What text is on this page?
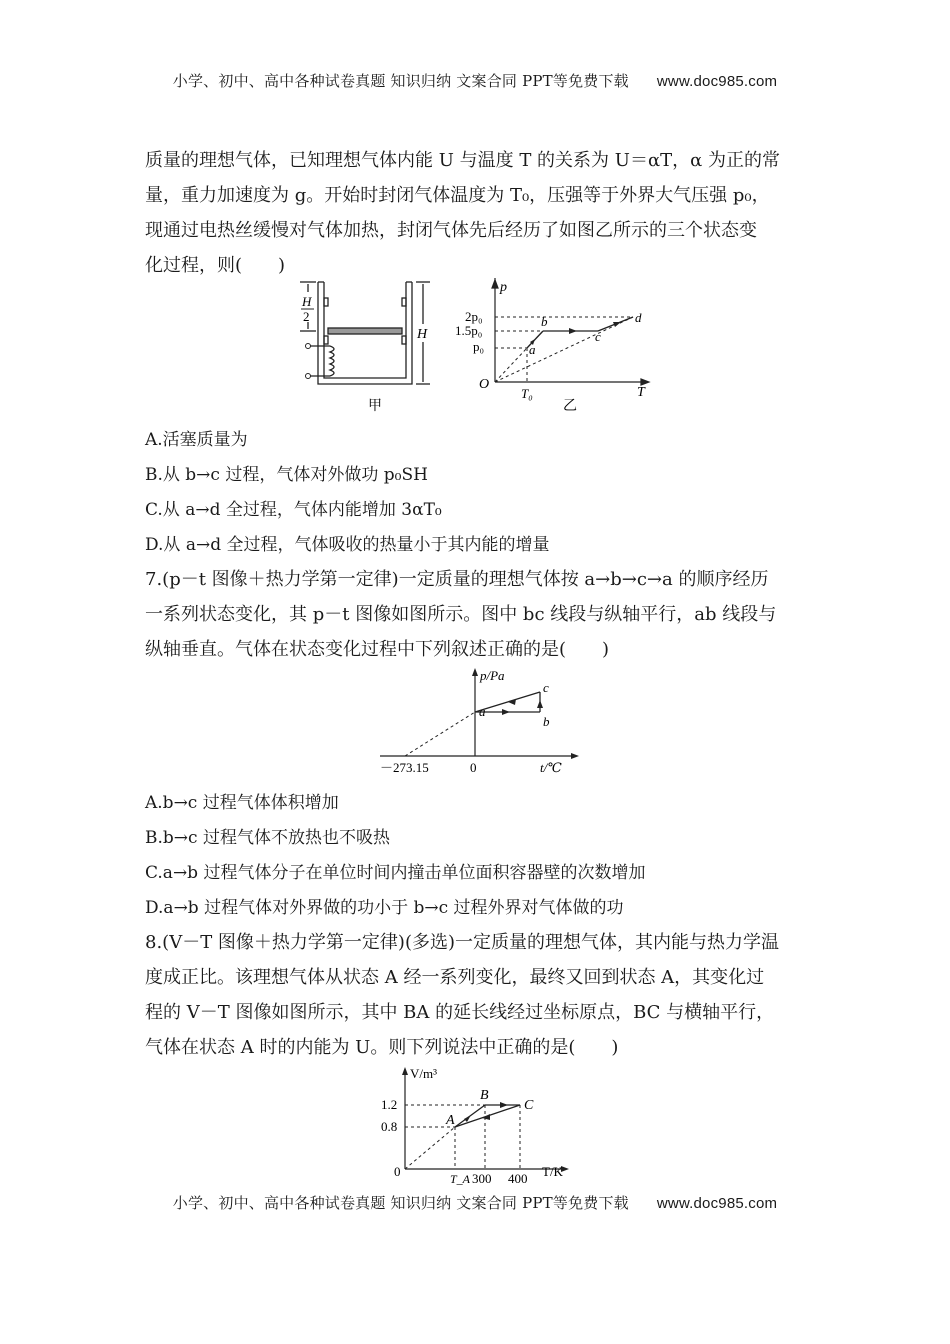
小学、初中、高中各种试卷真题 知识归纳 文案合同 PPT等免费下载 www.doc985.com
质量的理想气体，已知理想气体内能 U 与温度 T 的关系为 U＝αT，α 为正的常
量，重力加速度为 g。开始时封闭气体温度为 T₀，压强等于外界大气压强 p₀，
现通过电热丝缓慢对气体加热，封闭气体先后经历了如图乙所示的三个状态变
化过程，则(　　)
H
2
H
甲
p
T
O
2p₀
1.5p₀
p₀
T₀
a
b
c
d
乙
A.活塞质量为
B.从 b→c 过程，气体对外做功 p₀SH
C.从 a→d 全过程，气体内能增加 3αT₀
D.从 a→d 全过程，气体吸收的热量小于其内能的增量
7.(p－t 图像＋热力学第一定律)一定质量的理想气体按 a→b→c→a 的顺序经历
一系列状态变化，其 p－t 图像如图所示。图中 bc 线段与纵轴平行，ab 线段与
纵轴垂直。气体在状态变化过程中下列叙述正确的是(　　)
p/Pa
t/℃
－273.15	0
a
b
c
A.b→c 过程气体体积增加
B.b→c 过程气体不放热也不吸热
C.a→b 过程气体分子在单位时间内撞击单位面积容器壁的次数增加
D.a→b 过程气体对外界做的功小于 b→c 过程外界对气体做的功
8.(V－T 图像＋热力学第一定律)(多选)一定质量的理想气体，其内能与热力学温
度成正比。该理想气体从状态 A 经一系列变化，最终又回到状态 A，其变化过
程的 V－T 图像如图所示，其中 BA 的延长线经过坐标原点，BC 与横轴平行，
气体在状态 A 时的内能为 U。则下列说法中正确的是(　　)
V/m³
T/K
1.2
0.8
0	T_A 300 400
A
B
C
小学、初中、高中各种试卷真题 知识归纳 文案合同 PPT等免费下载 www.doc985.com
